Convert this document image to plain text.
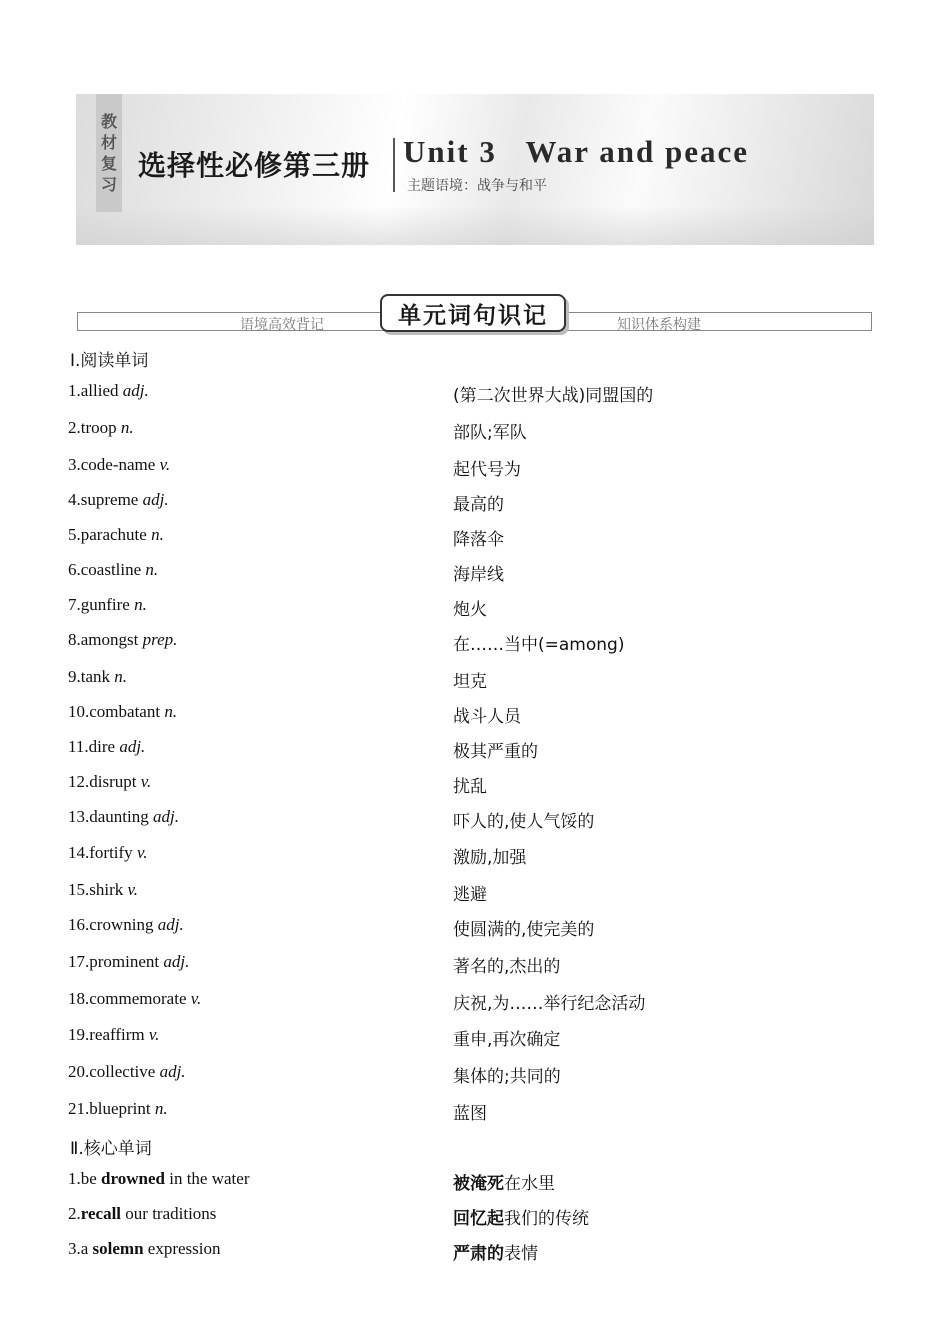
教
材
复
习
选择性必修第三册 Unit 3   War and peace
主题语境：战争与和平
语境高效背记	知识体系构建
单元词句识记
Ⅰ.阅读单词
1.allied adj.	(第二次世界大战)同盟国的
2.troop n.	部队;军队
3.code-name v.	起代号为
4.supreme adj.	最高的
5.parachute n.	降落伞
6.coastline n.	海岸线
7.gunfire n.	炮火
8.amongst prep.	在……当中(=among)
9.tank n.	坦克
10.combatant n.	战斗人员
11.dire adj.	极其严重的
12.disrupt v.	扰乱
13.daunting adj.	吓人的,使人气馁的
14.fortify v.	激励,加强
15.shirk v.	逃避
16.crowning adj.	使圆满的,使完美的
17.prominent adj.	著名的,杰出的
18.commemorate v.	庆祝,为……举行纪念活动
19.reaffirm v.	重申,再次确定
20.collective adj.	集体的;共同的
21.blueprint n.	蓝图
Ⅱ.核心单词
1.be drowned in the water	被淹死在水里
2.recall our traditions	回忆起我们的传统
3.a solemn expression	严肃的表情
